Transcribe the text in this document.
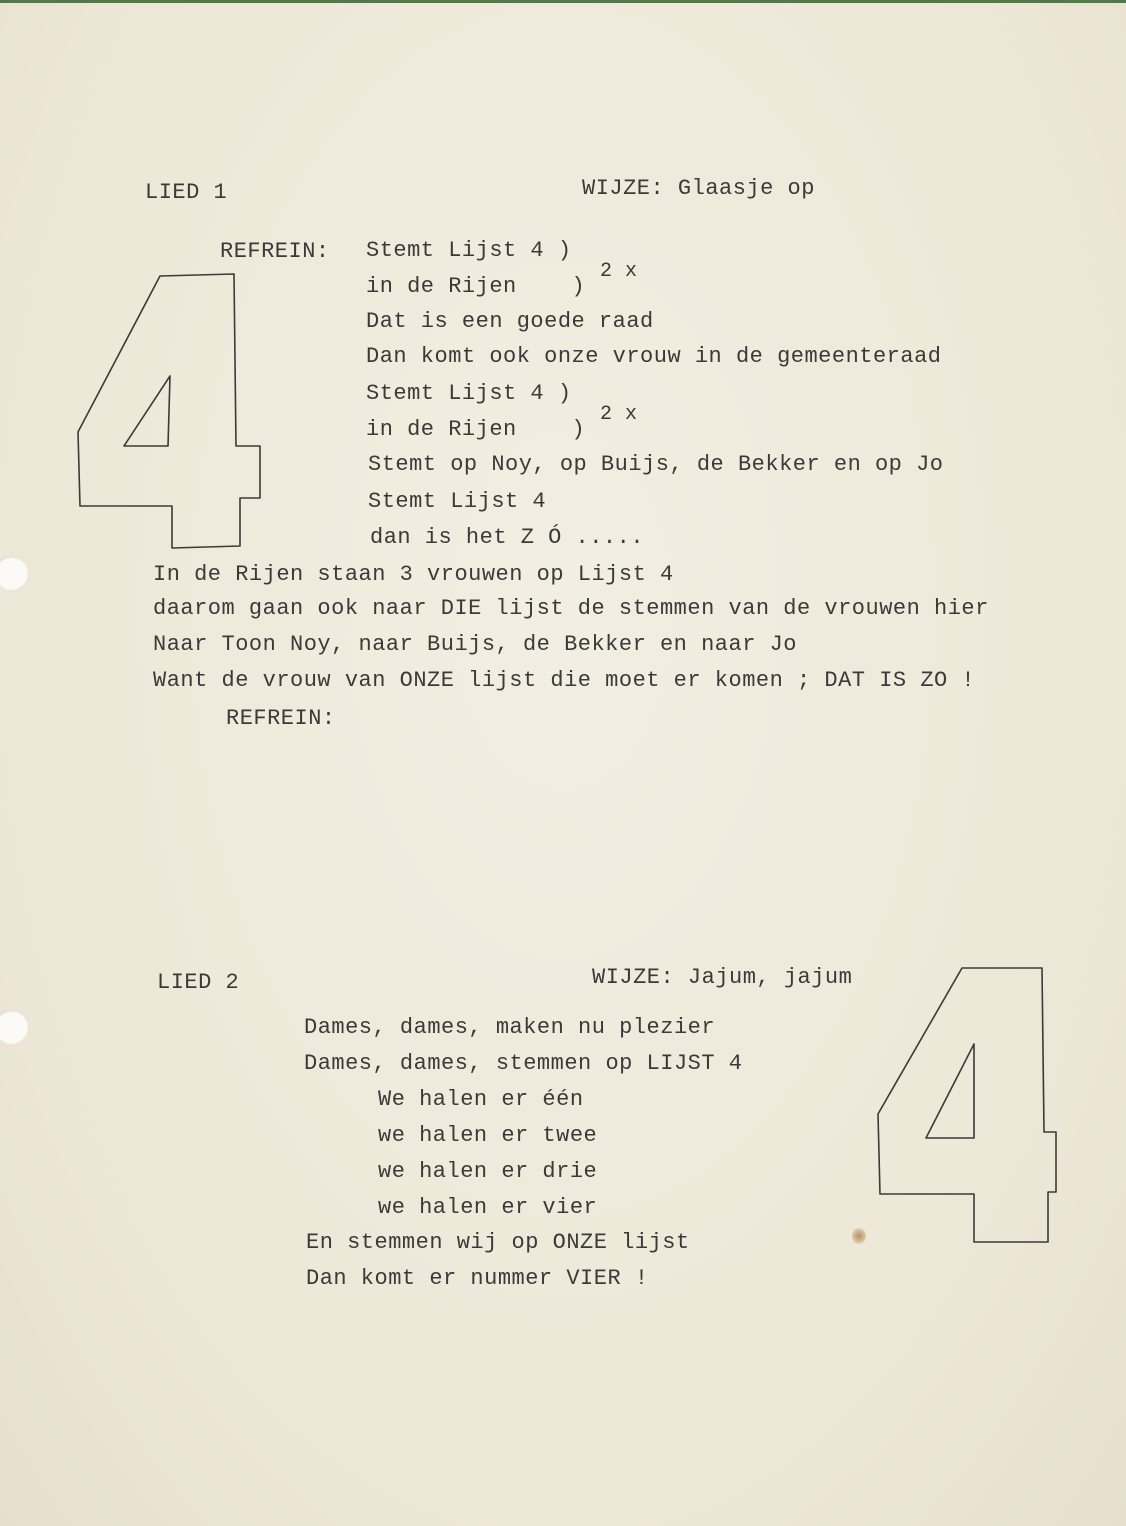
LIED 1	WIJZE: Glaasje op
REFREIN: Stemt Lijst 4 )
in de Rijen    )
2 x
Dat is een goede raad
Dan komt ook onze vrouw in de gemeenteraad
Stemt Lijst 4 )
in de Rijen    )
2 x
Stemt op Noy, op Buijs, de Bekker en op Jo
Stemt Lijst 4
dan is het Z Ó .....
In de Rijen staan 3 vrouwen op Lijst 4
daarom gaan ook naar DIE lijst de stemmen van de vrouwen hier
Naar Toon Noy, naar Buijs, de Bekker en naar Jo
Want de vrouw van ONZE lijst die moet er komen ; DAT IS ZO !
REFREIN:
LIED 2	WIJZE: Jajum, jajum
Dames, dames, maken nu plezier
Dames, dames, stemmen op LIJST 4
We halen er één
we halen er twee
we halen er drie
we halen er vier
En stemmen wij op ONZE lijst
Dan komt er nummer VIER !
